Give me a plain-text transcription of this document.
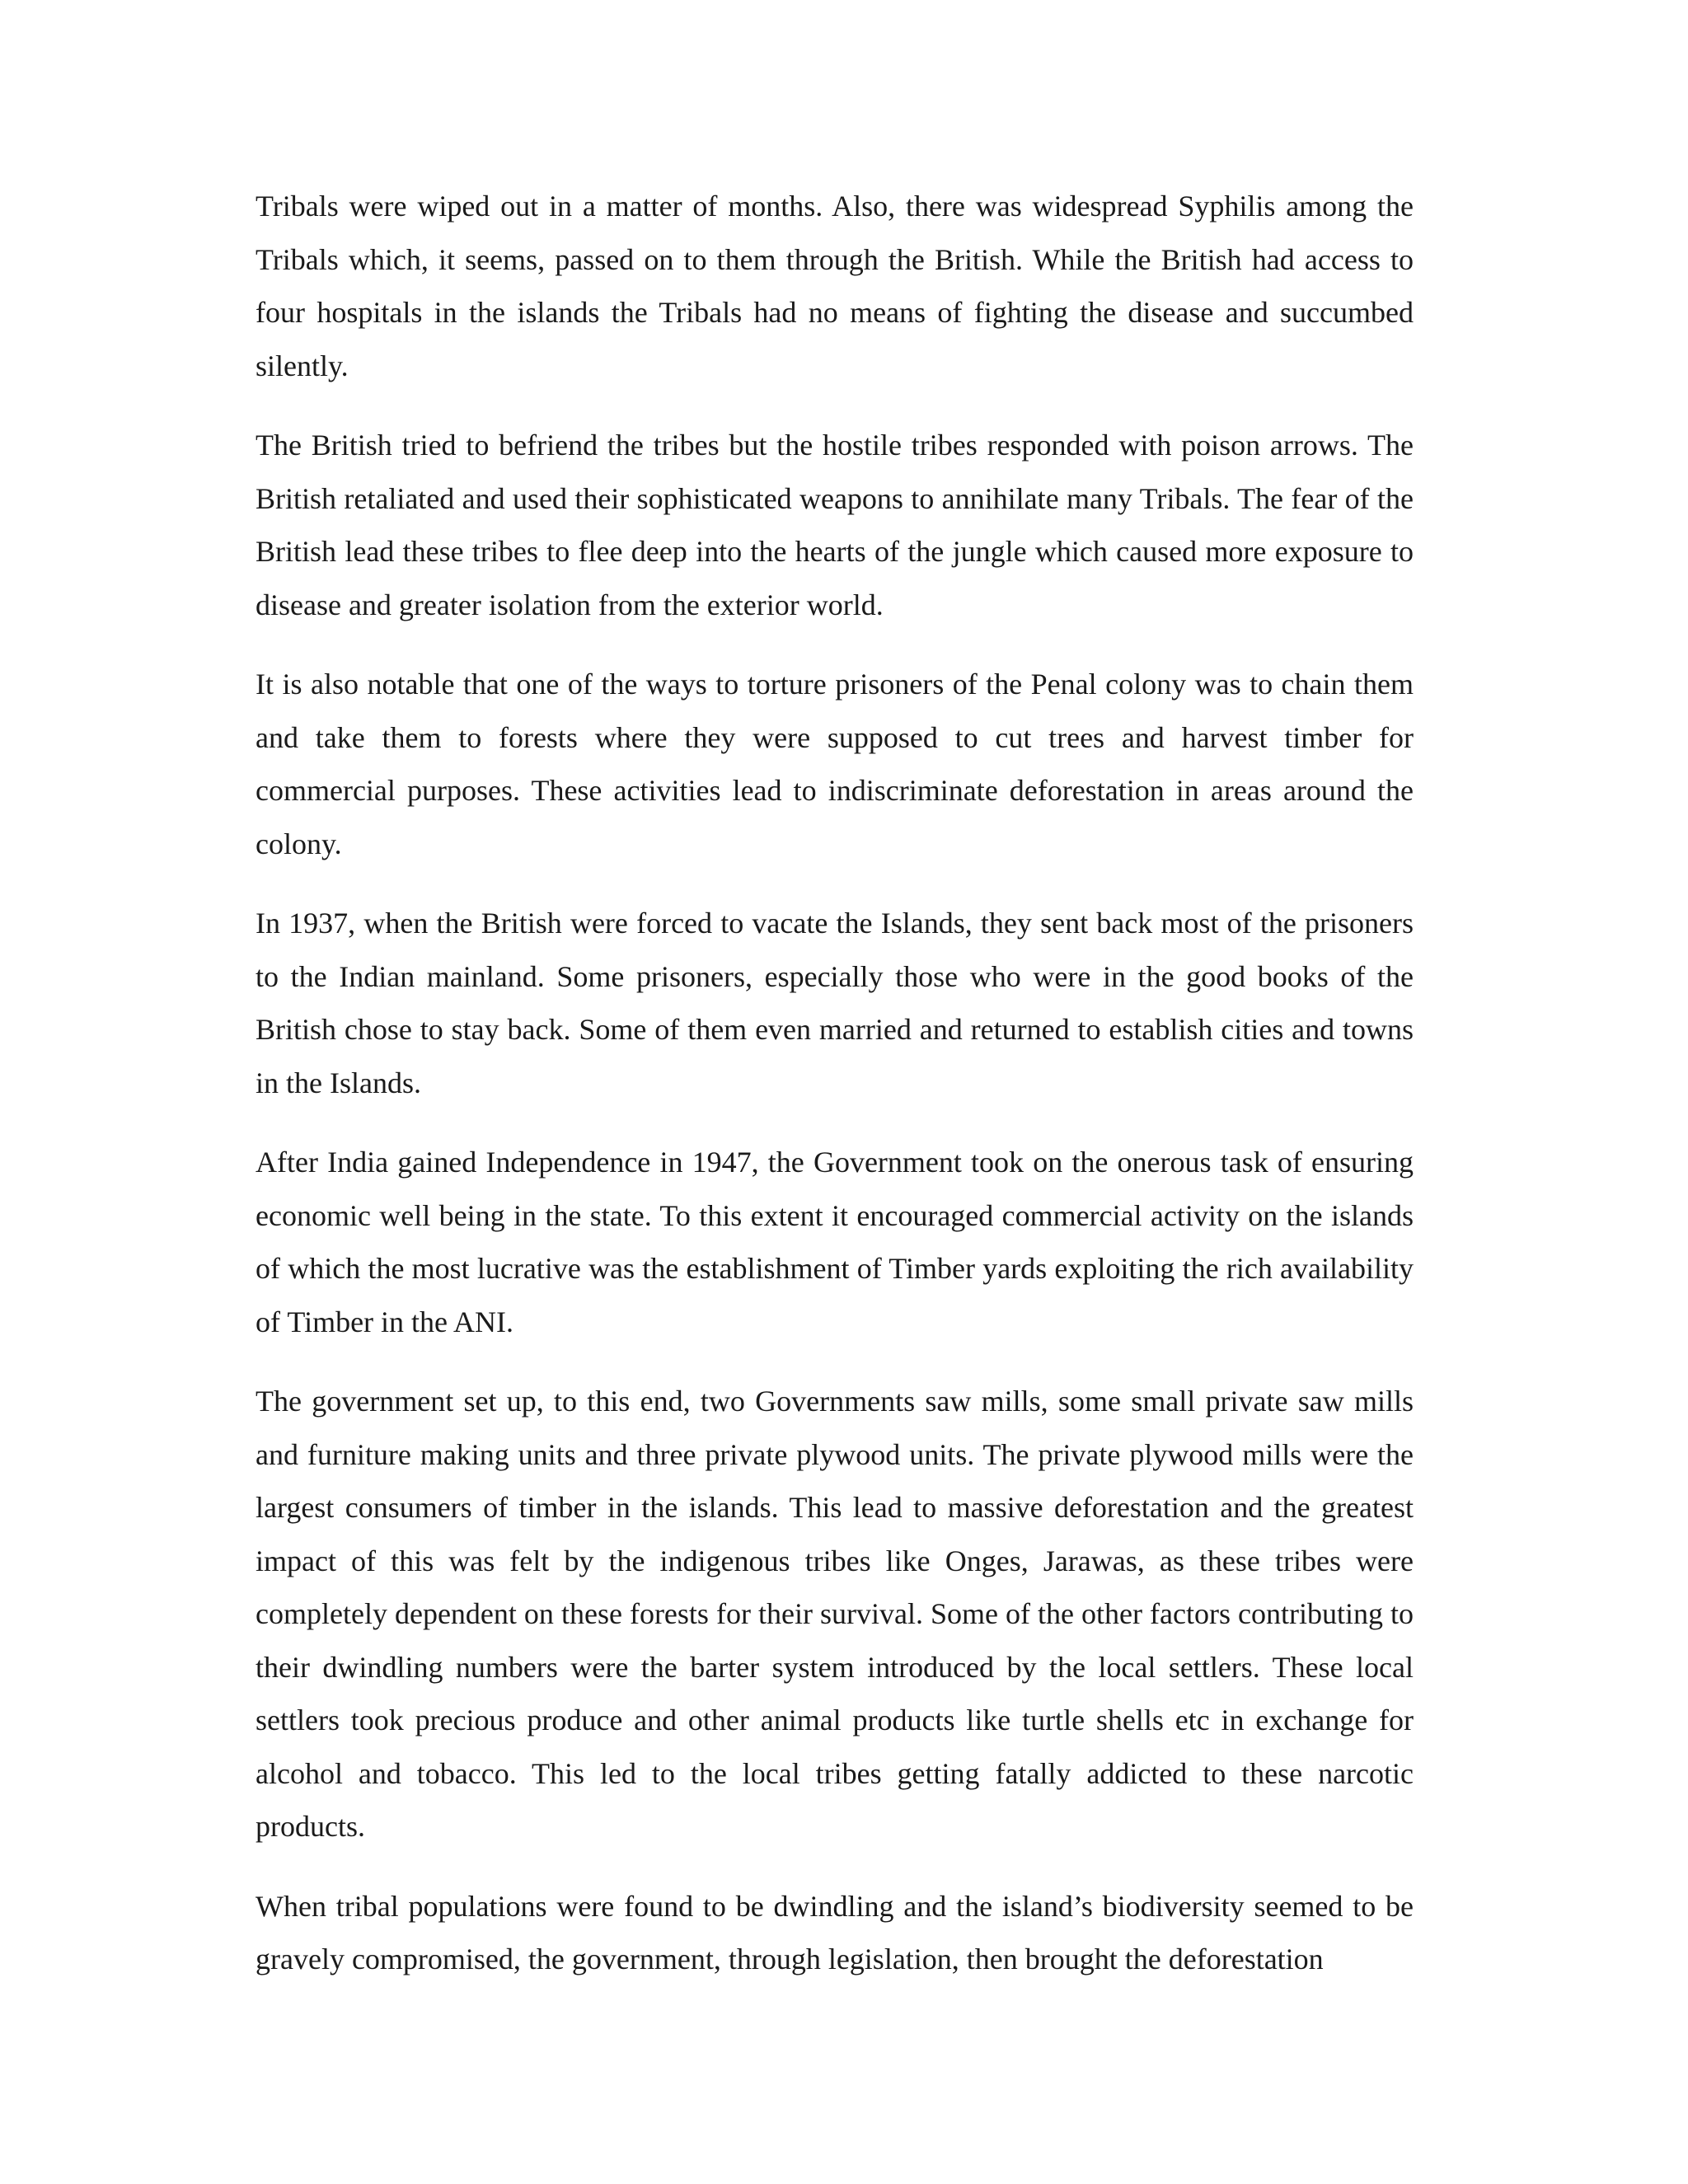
Tribals were wiped out in a matter of months. Also, there was widespread Syphilis among the Tribals which, it seems, passed on to them through the British. While the British had access to four hospitals in the islands the Tribals had no means of fighting the disease and succumbed silently.

The British tried to befriend the tribes but the hostile tribes responded with poison arrows. The British retaliated and used their sophisticated weapons to annihilate many Tribals. The fear of the British lead these tribes to flee deep into the hearts of the jungle which caused more exposure to disease and greater isolation from the exterior world.

It is also notable that one of the ways to torture prisoners of the Penal colony was to chain them and take them to forests where they were supposed to cut trees and harvest timber for commercial purposes. These activities lead to indiscriminate deforestation in areas around the colony.

In 1937, when the British were forced to vacate the Islands, they sent back most of the prisoners to the Indian mainland. Some prisoners, especially those who were in the good books of the British chose to stay back. Some of them even married and returned to establish cities and towns in the Islands.

After India gained Independence in 1947, the Government took on the onerous task of ensuring economic well being in the state. To this extent it encouraged commercial activity on the islands of which the most lucrative was the establishment of Timber yards exploiting the rich availability of Timber in the ANI.

The government set up, to this end, two Governments saw mills, some small private saw mills and furniture making units and three private plywood units. The private plywood mills were the largest consumers of timber in the islands. This lead to massive deforestation and the greatest impact of this was felt by the indigenous tribes like Onges, Jarawas, as these tribes were completely dependent on these forests for their survival. Some of the other factors contributing to their dwindling numbers were the barter system introduced by the local settlers. These local settlers took precious produce and other animal products like turtle shells etc in exchange for alcohol and tobacco. This led to the local tribes getting fatally addicted to these narcotic products.

When tribal populations were found to be dwindling and the island’s biodiversity seemed to be gravely compromised, the government, through legislation, then brought the deforestation
